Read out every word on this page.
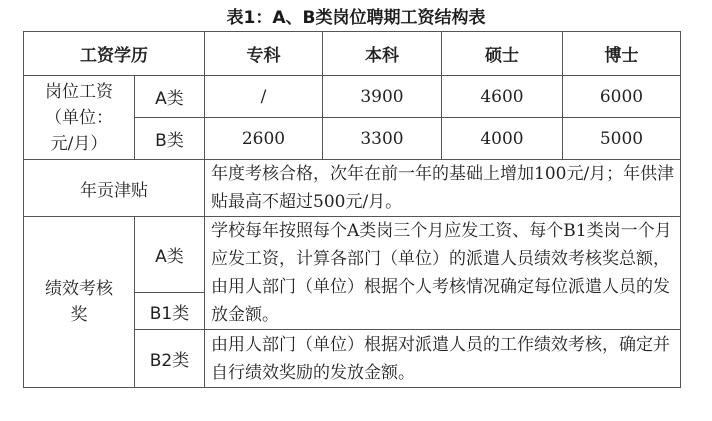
表1：A、B类岗位聘期工资结构表
工资学历		专科	本科	硕士	博士

岗位工资
（单位：
元/月）	A类	/	3900	4600	6000
	B类	2600	3300	4000	5000
年贡津贴		年度考核合格，次年在前一年的基础上增加100元/月；年供津贴最高不超过500元/月。			

绩效考核
奖	A类	学校每年按照每个A类岗三个月应发工资、每个B1类岗一个月应发工资，计算各部门（单位）的派遣人员绩效考核奖总额，由用人部门（单位）根据个人考核情况确定每位派遣人员的发放金额。			
	B1类				
	B2类	由用人部门（单位）根据对派遣人员的工作绩效考核，确定并自行绩效奖励的发放金额。			
